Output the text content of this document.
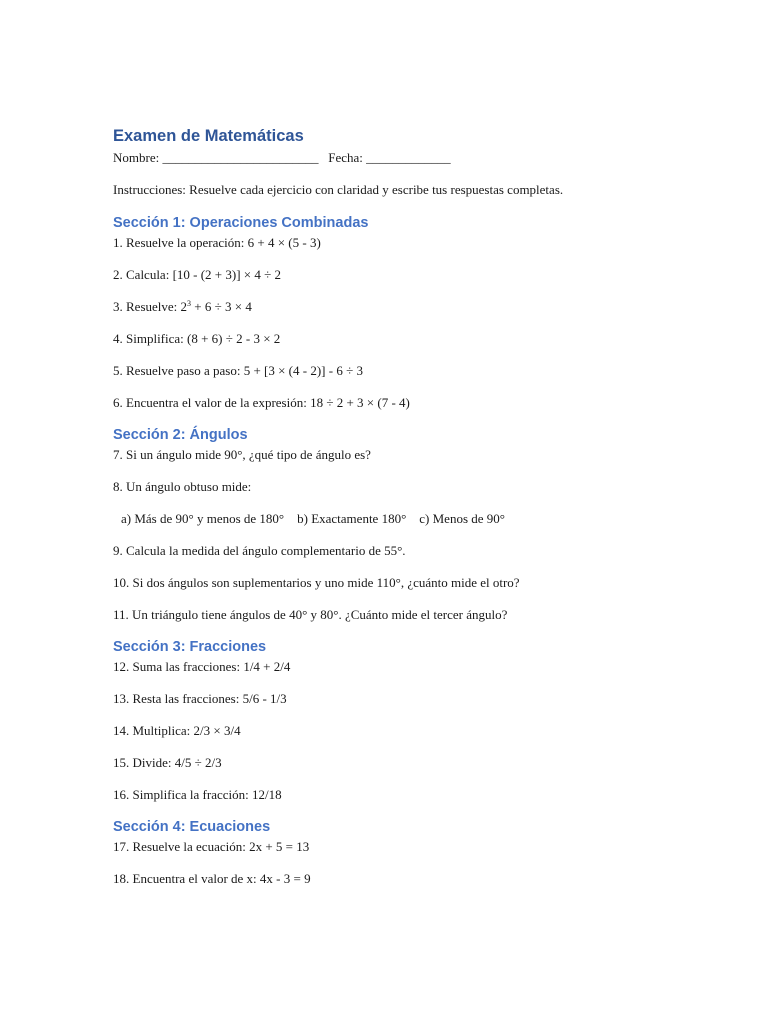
Examen de Matemáticas

Nombre: ________________________ Fecha: _____________

Instrucciones: Resuelve cada ejercicio con claridad y escribe tus respuestas completas.

Sección 1: Operaciones Combinadas

1. Resuelve la operación: 6 + 4 × (5 - 3)

2. Calcula: [10 - (2 + 3)] × 4 ÷ 2

3. Resuelve: $2^3 + 6 \div 3 \times 4$

4. Simplifica: (8 + 6) ÷ 2 - 3 × 2

5. Resuelve paso a paso: 5 + [3 × (4 - 2)] - 6 ÷ 3

6. Encuentra el valor de la expresión: 18 ÷ 2 + 3 × (7 - 4)

Sección 2: Ángulos

7. Si un ángulo mide 90°, ¿qué tipo de ángulo es?

8. Un ángulo obtuso mide:

a) Más de 90° y menos de 180°    b) Exactamente 180°    c) Menos de 90°

9. Calcula la medida del ángulo complementario de 55°.

10. Si dos ángulos son suplementarios y uno mide 110°, ¿cuánto mide el otro?

11. Un triángulo tiene ángulos de 40° y 80°. ¿Cuánto mide el tercer ángulo?

Sección 3: Fracciones

12. Suma las fracciones: 1/4 + 2/4

13. Resta las fracciones: 5/6 - 1/3

14. Multiplica: 2/3 × 3/4

15. Divide: 4/5 ÷ 2/3

16. Simplifica la fracción: 12/18

Sección 4: Ecuaciones

17. Resuelve la ecuación: 2x + 5 = 13

18. Encuentra el valor de x: 4x - 3 = 9
